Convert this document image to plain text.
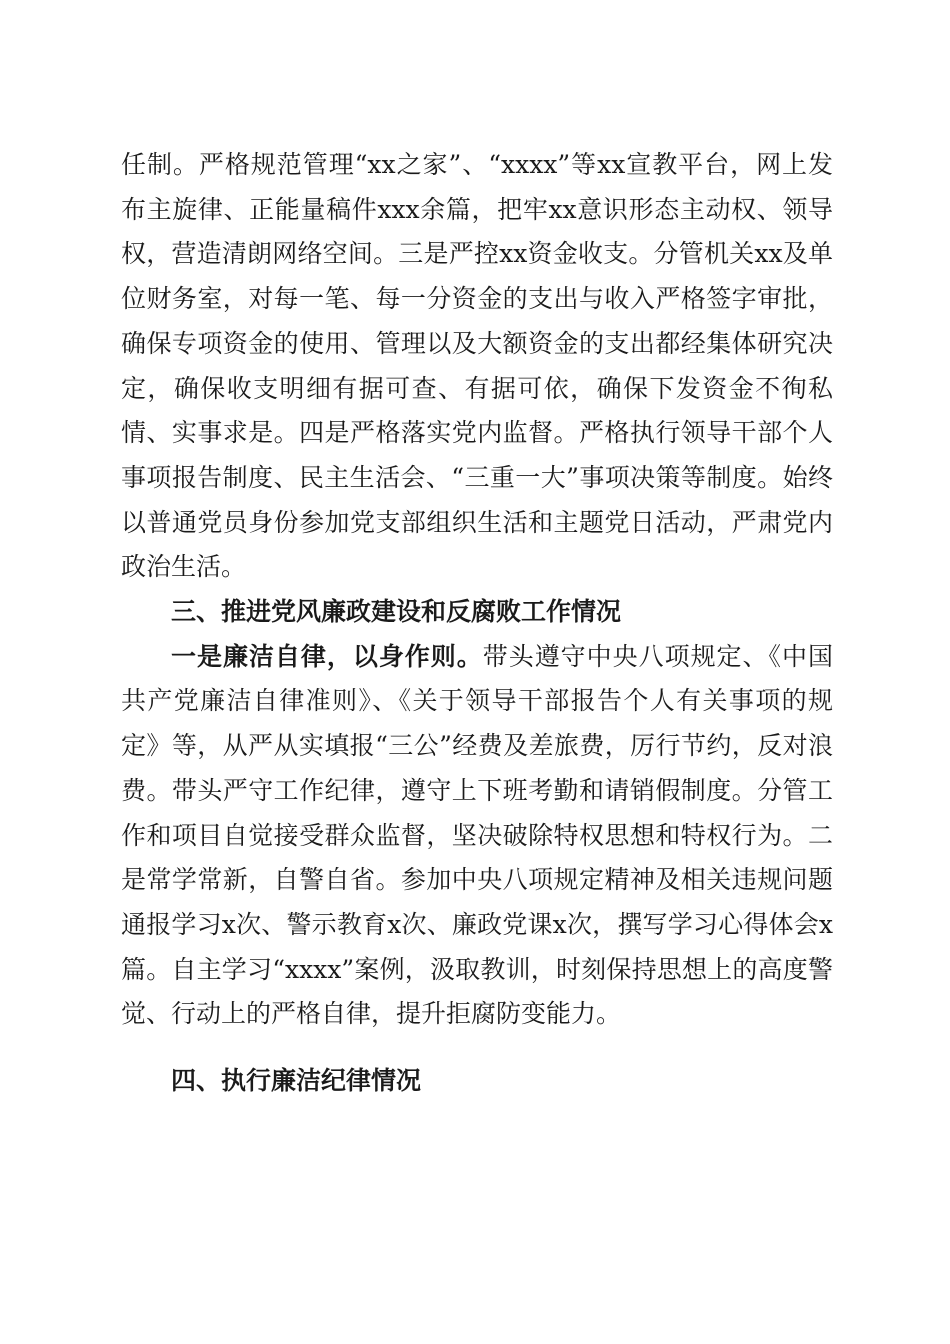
任制。严格规范管理“xx之家”、“xxxx”等xx宣教平台，网上发布主旋律、正能量稿件xxx余篇，把牢xx意识形态主动权、领导权，营造清朗网络空间。三是严控xx资金收支。分管机关xx及单位财务室，对每一笔、每一分资金的支出与收入严格签字审批，确保专项资金的使用、管理以及大额资金的支出都经集体研究决定，确保收支明细有据可查、有据可依，确保下发资金不徇私情、实事求是。四是严格落实党内监督。严格执行领导干部个人事项报告制度、民主生活会、“三重一大”事项决策等制度。始终以普通党员身份参加党支部组织生活和主题党日活动，严肃党内政治生活。

三、推进党风廉政建设和反腐败工作情况

一是廉洁自律，以身作则。带头遵守中央八项规定、《中国共产党廉洁自律准则》、《关于领导干部报告个人有关事项的规定》等，从严从实填报“三公”经费及差旅费，厉行节约，反对浪费。带头严守工作纪律，遵守上下班考勤和请销假制度。分管工作和项目自觉接受群众监督，坚决破除特权思想和特权行为。二是常学常新，自警自省。参加中央八项规定精神及相关违规问题通报学习x次、警示教育x次、廉政党课x次，撰写学习心得体会x篇。自主学习“xxxx”案例，汲取教训，时刻保持思想上的高度警觉、行动上的严格自律，提升拒腐防变能力。

四、执行廉洁纪律情况
